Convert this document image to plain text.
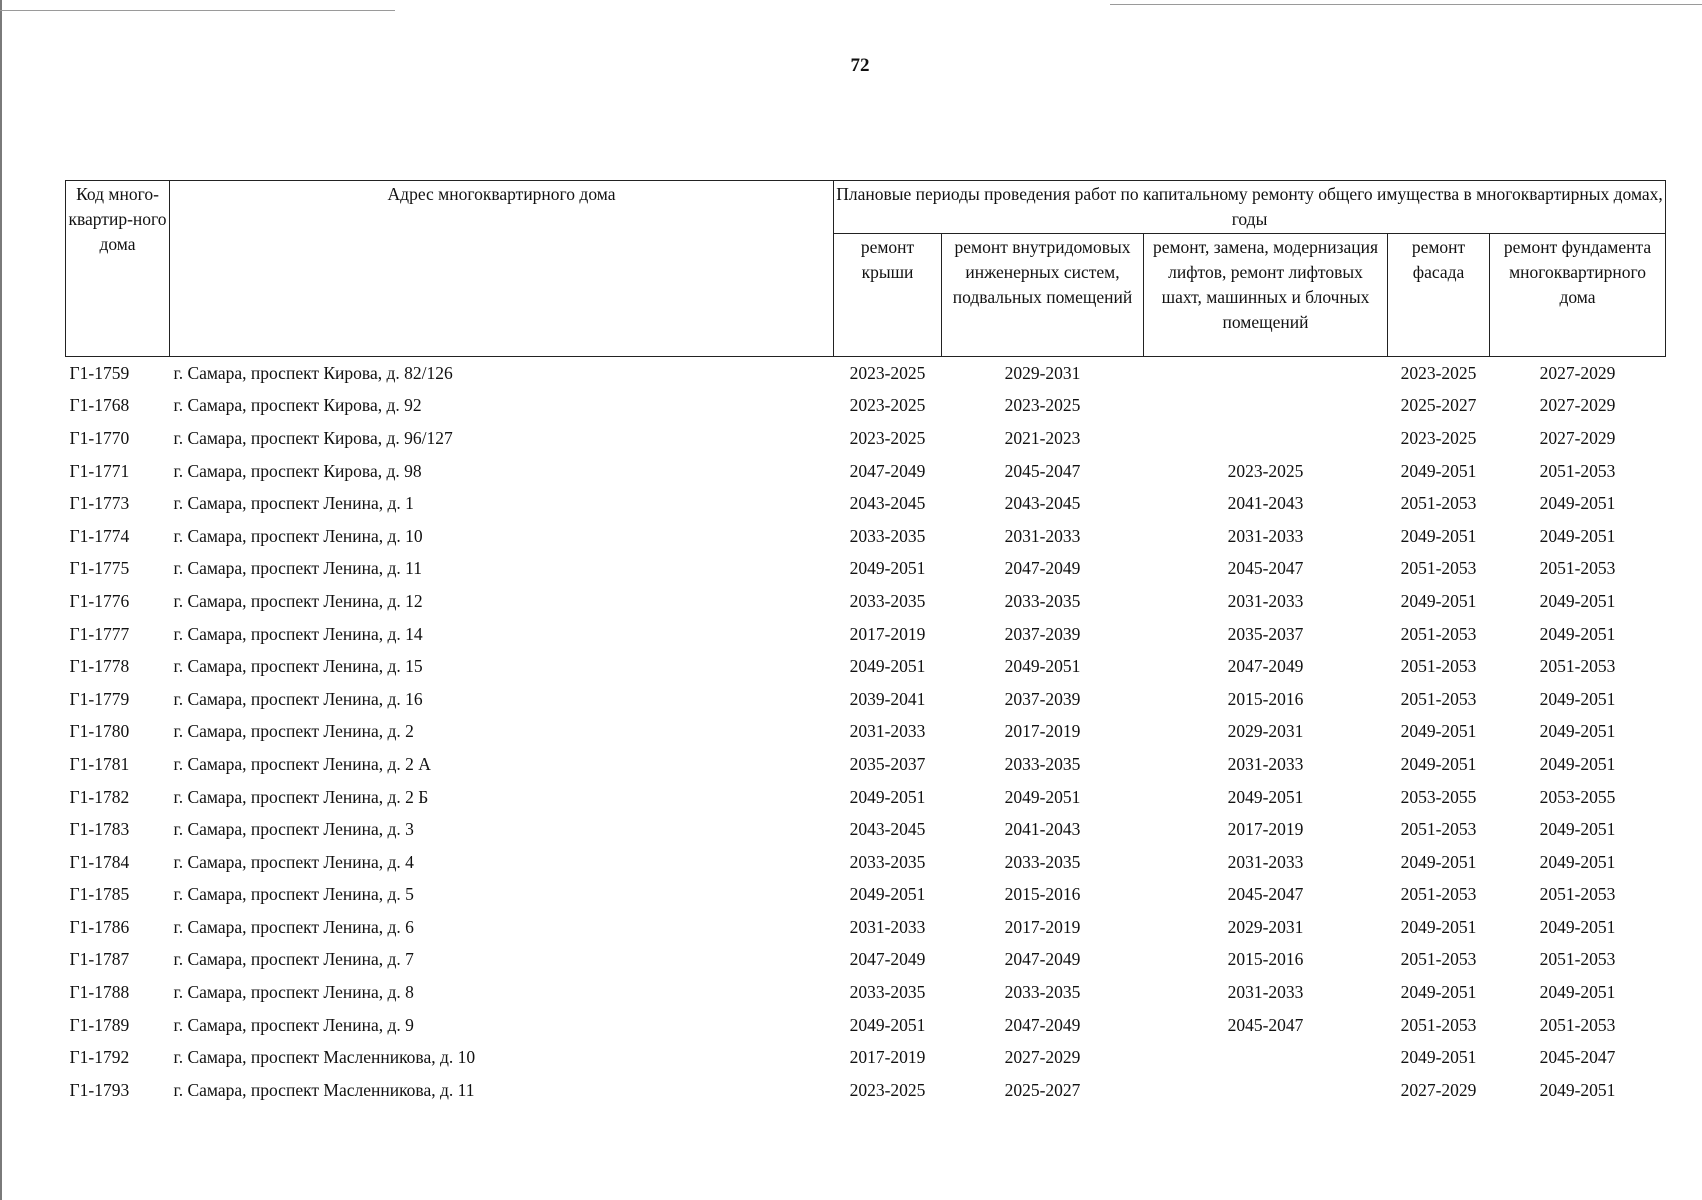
72
Код много-квартир-ного дома	Адрес многоквартирного дома	Плановые периоды проведения работ по капитальному ремонту общего имущества в многоквартирных домах, годы				
		ремонт крыши	ремонт внутридомовых инженерных систем, подвальных помещений	ремонт, замена, модернизация лифтов, ремонт лифтовых шахт, машинных и блочных помещений	ремонт фасада	ремонт фундамента многоквартирного дома
Г1-1759	г. Самара, проспект Кирова, д. 82/126	2023-2025	2029-2031		2023-2025	2027-2029
Г1-1768	г. Самара, проспект Кирова, д. 92	2023-2025	2023-2025		2025-2027	2027-2029
Г1-1770	г. Самара, проспект Кирова, д. 96/127	2023-2025	2021-2023		2023-2025	2027-2029
Г1-1771	г. Самара, проспект Кирова, д. 98	2047-2049	2045-2047	2023-2025	2049-2051	2051-2053
Г1-1773	г. Самара, проспект Ленина, д. 1	2043-2045	2043-2045	2041-2043	2051-2053	2049-2051
Г1-1774	г. Самара, проспект Ленина, д. 10	2033-2035	2031-2033	2031-2033	2049-2051	2049-2051
Г1-1775	г. Самара, проспект Ленина, д. 11	2049-2051	2047-2049	2045-2047	2051-2053	2051-2053
Г1-1776	г. Самара, проспект Ленина, д. 12	2033-2035	2033-2035	2031-2033	2049-2051	2049-2051
Г1-1777	г. Самара, проспект Ленина, д. 14	2017-2019	2037-2039	2035-2037	2051-2053	2049-2051
Г1-1778	г. Самара, проспект Ленина, д. 15	2049-2051	2049-2051	2047-2049	2051-2053	2051-2053
Г1-1779	г. Самара, проспект Ленина, д. 16	2039-2041	2037-2039	2015-2016	2051-2053	2049-2051
Г1-1780	г. Самара, проспект Ленина, д. 2	2031-2033	2017-2019	2029-2031	2049-2051	2049-2051
Г1-1781	г. Самара, проспект Ленина, д. 2 А	2035-2037	2033-2035	2031-2033	2049-2051	2049-2051
Г1-1782	г. Самара, проспект Ленина, д. 2 Б	2049-2051	2049-2051	2049-2051	2053-2055	2053-2055
Г1-1783	г. Самара, проспект Ленина, д. 3	2043-2045	2041-2043	2017-2019	2051-2053	2049-2051
Г1-1784	г. Самара, проспект Ленина, д. 4	2033-2035	2033-2035	2031-2033	2049-2051	2049-2051
Г1-1785	г. Самара, проспект Ленина, д. 5	2049-2051	2015-2016	2045-2047	2051-2053	2051-2053
Г1-1786	г. Самара, проспект Ленина, д. 6	2031-2033	2017-2019	2029-2031	2049-2051	2049-2051
Г1-1787	г. Самара, проспект Ленина, д. 7	2047-2049	2047-2049	2015-2016	2051-2053	2051-2053
Г1-1788	г. Самара, проспект Ленина, д. 8	2033-2035	2033-2035	2031-2033	2049-2051	2049-2051
Г1-1789	г. Самара, проспект Ленина, д. 9	2049-2051	2047-2049	2045-2047	2051-2053	2051-2053
Г1-1792	г. Самара, проспект Масленникова, д. 10	2017-2019	2027-2029		2049-2051	2045-2047
Г1-1793	г. Самара, проспект Масленникова, д. 11	2023-2025	2025-2027		2027-2029	2049-2051
